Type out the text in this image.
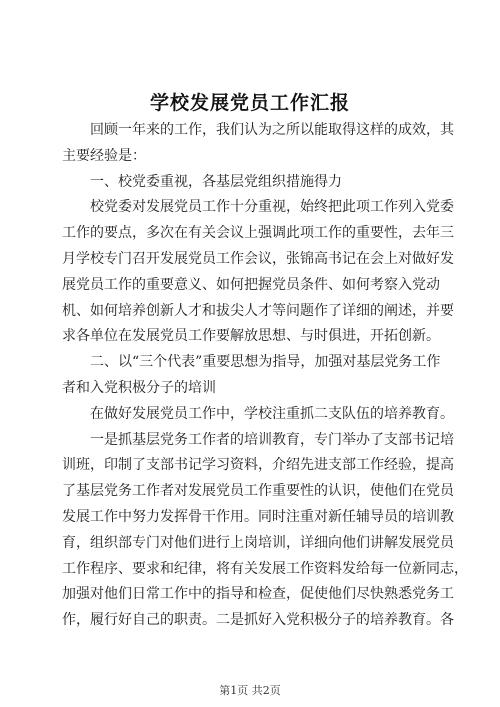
学校发展党员工作汇报
回顾一年来的工作，我们认为之所以能取得这样的成效，其
主要经验是：
一、校党委重视，各基层党组织措施得力
校党委对发展党员工作十分重视，始终把此项工作列入党委
工作的要点，多次在有关会议上强调此项工作的重要性，去年三
月学校专门召开发展党员工作会议，张锦高书记在会上对做好发
展党员工作的重要意义、如何把握党员条件、如何考察入党动
机、如何培养创新人才和拔尖人才等问题作了详细的阐述，并要
求各单位在发展党员工作要解放思想、与时俱进，开拓创新。
二、以“三个代表”重要思想为指导，加强对基层党务工作
者和入党积极分子的培训
在做好发展党员工作中，学校注重抓二支队伍的培养教育。
一是抓基层党务工作者的培训教育，专门举办了支部书记培
训班，印制了支部书记学习资料，介绍先进支部工作经验，提高
了基层党务工作者对发展党员工作重要性的认识，使他们在党员
发展工作中努力发挥骨干作用。同时注重对新任辅导员的培训教
育，组织部专门对他们进行上岗培训，详细向他们讲解发展党员
工作程序、要求和纪律，将有关发展工作资料发给每一位新同志，
加强对他们日常工作中的指导和检查，促使他们尽快熟悉党务工
作，履行好自己的职责。二是抓好入党积极分子的培养教育。各
第1页 共2页
